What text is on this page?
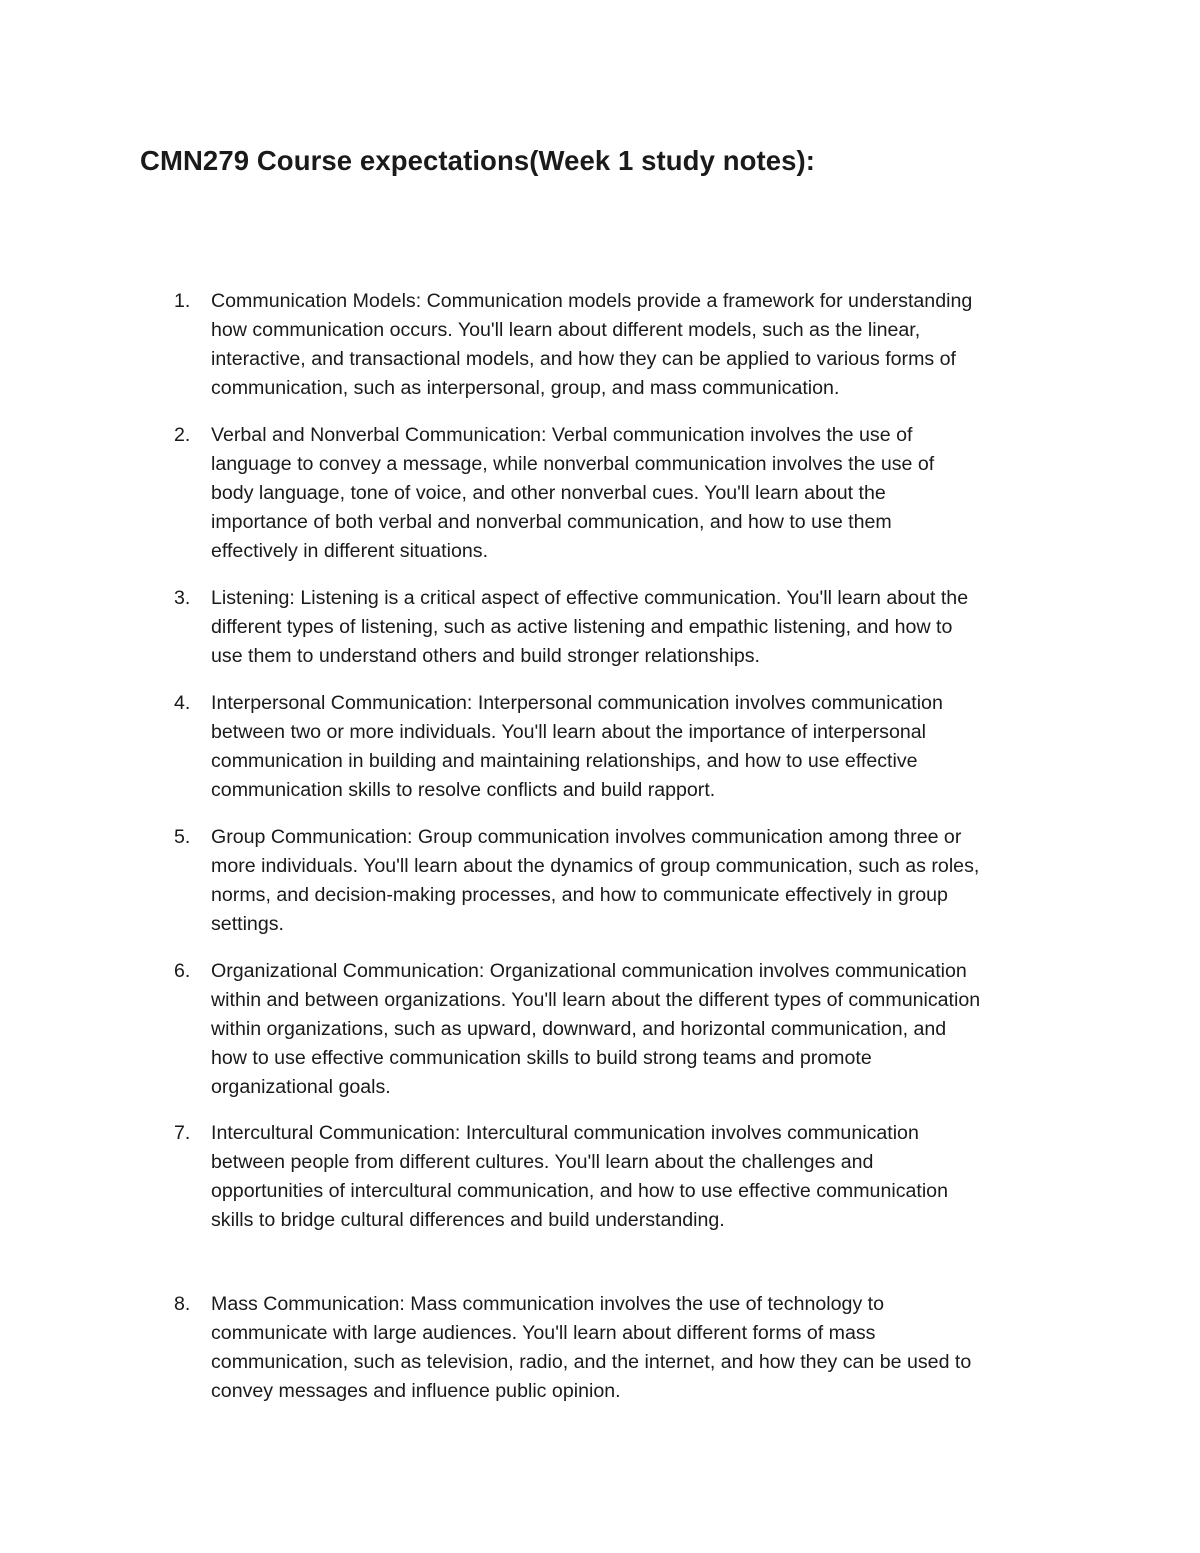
CMN279 Course expectations(Week 1 study notes):
1.	Communication Models: Communication models provide a framework for understanding
how communication occurs. You'll learn about different models, such as the linear,
interactive, and transactional models, and how they can be applied to various forms of
communication, such as interpersonal, group, and mass communication.
2.	Verbal and Nonverbal Communication: Verbal communication involves the use of
language to convey a message, while nonverbal communication involves the use of
body language, tone of voice, and other nonverbal cues. You'll learn about the
importance of both verbal and nonverbal communication, and how to use them
effectively in different situations.
3.	Listening: Listening is a critical aspect of effective communication. You'll learn about the
different types of listening, such as active listening and empathic listening, and how to
use them to understand others and build stronger relationships.
4.	Interpersonal Communication: Interpersonal communication involves communication
between two or more individuals. You'll learn about the importance of interpersonal
communication in building and maintaining relationships, and how to use effective
communication skills to resolve conflicts and build rapport.
5.	Group Communication: Group communication involves communication among three or
more individuals. You'll learn about the dynamics of group communication, such as roles,
norms, and decision-making processes, and how to communicate effectively in group
settings.
6.	Organizational Communication: Organizational communication involves communication
within and between organizations. You'll learn about the different types of communication
within organizations, such as upward, downward, and horizontal communication, and
how to use effective communication skills to build strong teams and promote
organizational goals.
7.	Intercultural Communication: Intercultural communication involves communication
between people from different cultures. You'll learn about the challenges and
opportunities of intercultural communication, and how to use effective communication
skills to bridge cultural differences and build understanding.
8.	Mass Communication: Mass communication involves the use of technology to
communicate with large audiences. You'll learn about different forms of mass
communication, such as television, radio, and the internet, and how they can be used to
convey messages and influence public opinion.
